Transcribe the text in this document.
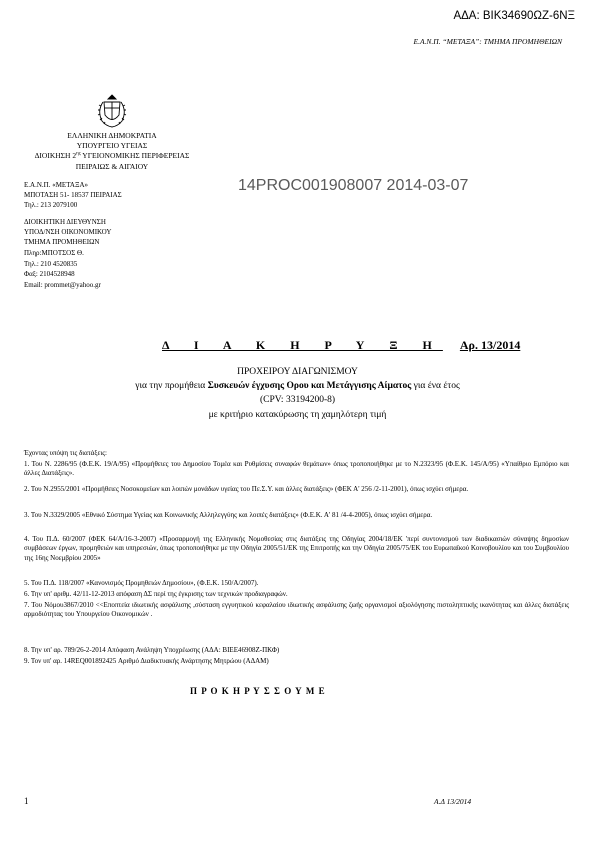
ΑΔΑ: ΒΙΚ34690ΩΖ-6ΝΞ
Ε.Α.Ν.Π. “ΜΕΤΑΞΑ”: ΤΜΗΜΑ ΠΡΟΜΗΘΕΙΩΝ
ΕΛΛΗΝΙΚΗ ΔΗΜΟΚΡΑΤΙΑ
ΥΠΟΥΡΓΕΙΟ ΥΓΕΙΑΣ
ΔΙΟΙΚΗΣΗ $2^{\eta\varsigma}$ ΥΓΕΙΟΝΟΜΙΚΗΣ ΠΕΡΙΦΕΡΕΙΑΣ
ΠΕΙΡΑΙΩΣ & ΑΙΓΑΙΟΥ
Ε.Α.Ν.Π. «ΜΕΤΑΞΑ»
ΜΠΟΤΑΣΗ 51- 18537 ΠΕΙΡΑΙΑΣ
Τηλ.: 213 2079100
ΔΙΟΙΚΗΤΙΚΗ ΔΙΕΥΘΥΝΣΗ
ΥΠΟΔ/ΝΣΗ ΟΙΚΟΝΟΜΙΚΟΥ
ΤΜΗΜΑ ΠΡΟΜΗΘΕΙΩΝ
Πληρ:ΜΠΟΤΣΟΣ Θ.
Τηλ.: 210 4520835
Φαξ: 2104528948
Email: prommet@yahoo.gr
14PROC001908007 2014-03-07
Δ Ι Α Κ Η Ρ Υ Ξ Η Αρ. 13/2014
ΠΡΟΧΕΙΡΟΥ ΔΙΑΓΩΝΙΣΜΟΥ
για την προμήθεια Συσκευών έγχυσης Ορου και Μετάγγισης Αίματος για ένα έτος
(CPV: 33194200-8)
με κριτήριο κατακύρωσης τη χαμηλότερη τιμή
Έχοντας υπόψη τις διατάξεις:
1. Του Ν. 2286/95 (Φ.Ε.Κ. 19/Α/95) «Προμήθειες του Δημοσίου Τομέα και Ρυθμίσεις συναφών θεμάτων» όπως τροποποιήθηκε με το Ν.2323/95 (Φ.Ε.Κ. 145/Α/95) «Υπαίθριο Εμπόριο και άλλες Διατάξεις».
2. Του Ν.2955/2001 «Προμήθειες Νοσοκομείων και λοιπών μονάδων υγείας του Πε.Σ.Υ. και άλλες διατάξεις» (ΦΕΚ Α' 256 /2-11-2001), όπως ισχύει σήμερα.
3. Του Ν.3329/2005 «Εθνικό Σύστημα Υγείας και Κοινωνικής Αλληλεγγύης και λοιπές διατάξεις» (Φ.Ε.Κ. Α' 81 /4-4-2005), όπως ισχύει σήμερα.
4. Του Π.Δ. 60/2007 (ΦΕΚ 64/Α/16-3-2007) «Προσαρμογή της Ελληνικής Νομοθεσίας στις διατάξεις της Οδηγίας 2004/18/ΕΚ 'περί συντονισμού των διαδικασιών σύναψης δημοσίων συμβάσεων έργων, προμηθειών και υπηρεσιών, όπως τροποποιήθηκε με την Οδηγία 2005/51/ΕΚ της Επιτροπής και την Οδηγία 2005/75/ΕΚ του Ευρωπαϊκού Κοινοβουλίου και του Συμβουλίου της 16ης Νοεμβρίου 2005»
5. Του Π.Δ. 118/2007 «Κανονισμός Προμηθειών Δημοσίου», (Φ.Ε.Κ. 150/Α/2007).
6. Την υπ' αριθμ. 42/11-12-2013 απόφαση ΔΣ περί της έγκρισης των τεχνικών προδιαγραφών.
7. Του Νόμου3867/2010 <<Εποπτεία ιδιωτικής ασφάλισης ,σύσταση εγγυητικού κεφαλαίου ιδιωτικής ασφάλισης ζωής οργανισμοί αξιολόγησης πιστοληπτικής ικανότητας και άλλες διατάξεις αρμοδιότητας του Υπουργείου Οικονομικών .
8. Την υπ' αρ. 789/26-2-2014 Απόφαση Ανάληψη Υποχρέωσης (ΑΔΑ: ΒΙΕΕ46908Ζ-ΠΚΦ)
9. Τον υπ' αρ. 14REQ001892425 Αριθμό Διαδικτυακής Ανάρτησης Μητρώου (ΑΔΑΜ)
Π Ρ Ο Κ Η Ρ Υ Σ Σ Ο Υ Μ Ε
1	Α.Δ 13/2014
